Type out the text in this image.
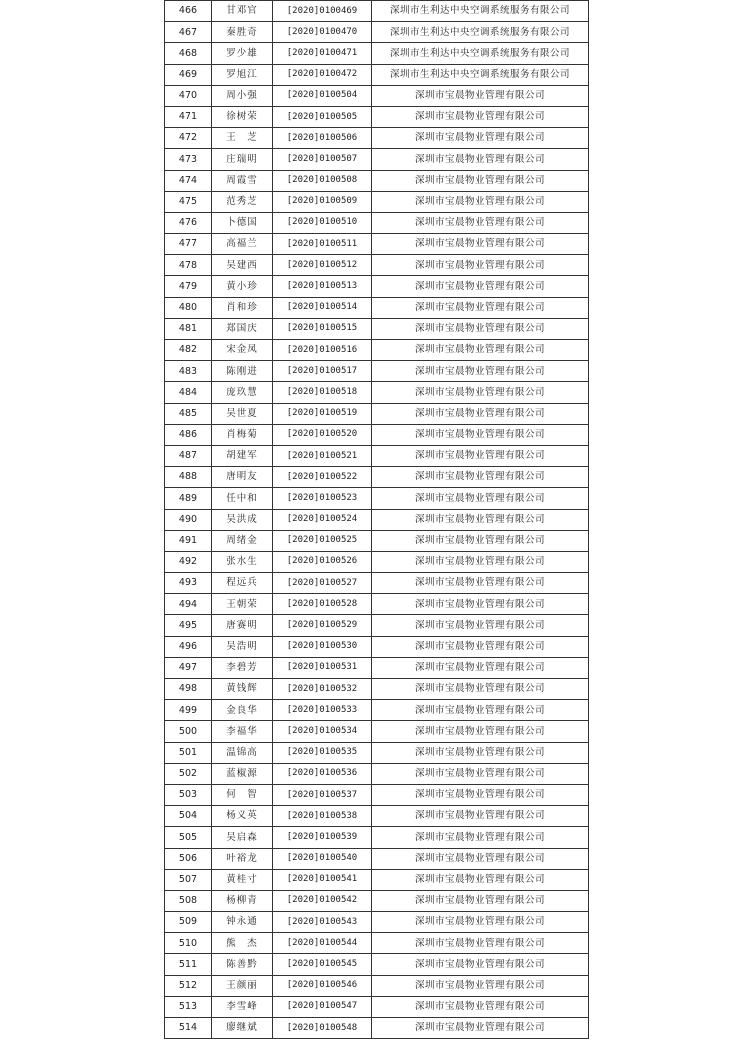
466	甘邓官	[2020]0100469	深圳市生利达中央空调系统服务有限公司
467	秦胜奇	[2020]0100470	深圳市生利达中央空调系统服务有限公司
468	罗少雄	[2020]0100471	深圳市生利达中央空调系统服务有限公司
469	罗旭江	[2020]0100472	深圳市生利达中央空调系统服务有限公司
470	周小强	[2020]0100504	深圳市宝晨物业管理有限公司
471	徐树荣	[2020]0100505	深圳市宝晨物业管理有限公司
472	王　芝	[2020]0100506	深圳市宝晨物业管理有限公司
473	庄瑞明	[2020]0100507	深圳市宝晨物业管理有限公司
474	周霞雪	[2020]0100508	深圳市宝晨物业管理有限公司
475	范秀芝	[2020]0100509	深圳市宝晨物业管理有限公司
476	卜德国	[2020]0100510	深圳市宝晨物业管理有限公司
477	高福兰	[2020]0100511	深圳市宝晨物业管理有限公司
478	吴建西	[2020]0100512	深圳市宝晨物业管理有限公司
479	黄小珍	[2020]0100513	深圳市宝晨物业管理有限公司
480	肖和珍	[2020]0100514	深圳市宝晨物业管理有限公司
481	郑国庆	[2020]0100515	深圳市宝晨物业管理有限公司
482	宋金凤	[2020]0100516	深圳市宝晨物业管理有限公司
483	陈刚进	[2020]0100517	深圳市宝晨物业管理有限公司
484	庞玖慧	[2020]0100518	深圳市宝晨物业管理有限公司
485	吴世夏	[2020]0100519	深圳市宝晨物业管理有限公司
486	肖梅菊	[2020]0100520	深圳市宝晨物业管理有限公司
487	胡建军	[2020]0100521	深圳市宝晨物业管理有限公司
488	唐明友	[2020]0100522	深圳市宝晨物业管理有限公司
489	任中和	[2020]0100523	深圳市宝晨物业管理有限公司
490	吴洪成	[2020]0100524	深圳市宝晨物业管理有限公司
491	周绪金	[2020]0100525	深圳市宝晨物业管理有限公司
492	张水生	[2020]0100526	深圳市宝晨物业管理有限公司
493	程远兵	[2020]0100527	深圳市宝晨物业管理有限公司
494	王朝荣	[2020]0100528	深圳市宝晨物业管理有限公司
495	唐赛明	[2020]0100529	深圳市宝晨物业管理有限公司
496	吴浩明	[2020]0100530	深圳市宝晨物业管理有限公司
497	李碧芳	[2020]0100531	深圳市宝晨物业管理有限公司
498	黄钱辉	[2020]0100532	深圳市宝晨物业管理有限公司
499	金良华	[2020]0100533	深圳市宝晨物业管理有限公司
500	李福华	[2020]0100534	深圳市宝晨物业管理有限公司
501	温锦高	[2020]0100535	深圳市宝晨物业管理有限公司
502	蓝椒源	[2020]0100536	深圳市宝晨物业管理有限公司
503	何　智	[2020]0100537	深圳市宝晨物业管理有限公司
504	杨义英	[2020]0100538	深圳市宝晨物业管理有限公司
505	吴启森	[2020]0100539	深圳市宝晨物业管理有限公司
506	叶裕龙	[2020]0100540	深圳市宝晨物业管理有限公司
507	黄桂寸	[2020]0100541	深圳市宝晨物业管理有限公司
508	杨柳青	[2020]0100542	深圳市宝晨物业管理有限公司
509	钟永通	[2020]0100543	深圳市宝晨物业管理有限公司
510	熊　杰	[2020]0100544	深圳市宝晨物业管理有限公司
511	陈善黔	[2020]0100545	深圳市宝晨物业管理有限公司
512	王颜丽	[2020]0100546	深圳市宝晨物业管理有限公司
513	李雪峰	[2020]0100547	深圳市宝晨物业管理有限公司
514	廖继斌	[2020]0100548	深圳市宝晨物业管理有限公司
